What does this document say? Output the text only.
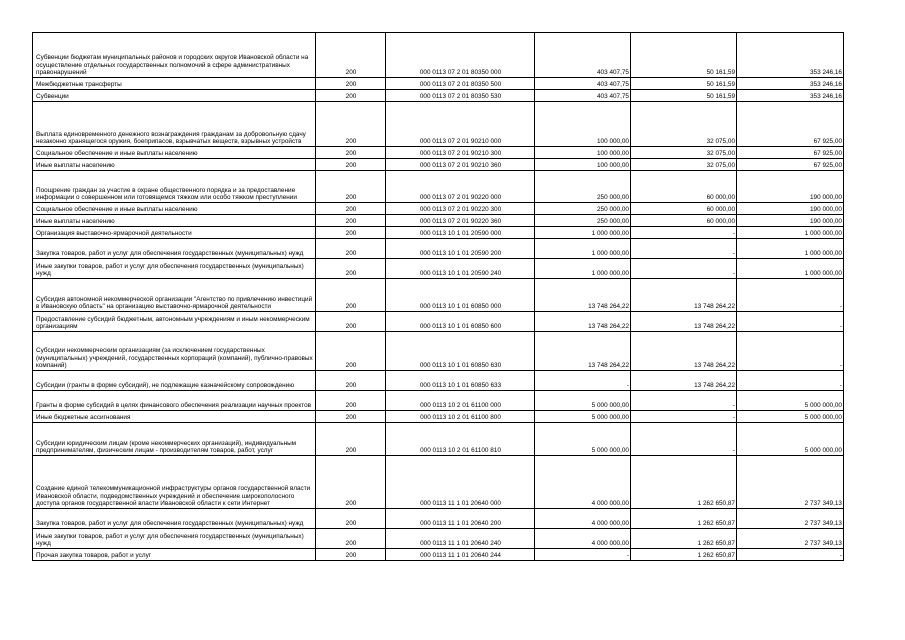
Субвенции бюджетам муниципальных районов и городских округов Ивановской области на осуществление отдельных государственных полномочий в сфере административных правонарушений	200	000 0113 07 2 01 80350 000	403 407,75	50 161,59	353 246,16
Межбюджетные трансферты	200	000 0113 07 2 01 80350 500	403 407,75	50 161,59	353 246,16
Субвенции	200	000 0113 07 2 01 80350 530	403 407,75	50 161,59	353 246,16
Выплата единовременного денежного вознаграждения гражданам за добровольную сдачу незаконно хранящегося оружия, боеприпасов, взрывчатых веществ, взрывных устройств	200	000 0113 07 2 01 90210 000	100 000,00	32 075,00	67 925,00
Социальное обеспечение и иные выплаты населению	200	000 0113 07 2 01 90210 300	100 000,00	32 075,00	67 925,00
Иные выплаты населению	200	000 0113 07 2 01 90210 360	100 000,00	32 075,00	67 925,00
Поощрение граждан за участие в охране общественного порядка и за предоставление информации о совершенном или готовящемся тяжком или особо тяжком преступлении	200	000 0113 07 2 01 90220 000	250 000,00	60 000,00	190 000,00
Социальное обеспечение и иные выплаты населению	200	000 0113 07 2 01 90220 300	250 000,00	60 000,00	190 000,00
Иные выплаты населению	200	000 0113 07 2 01 90220 360	250 000,00	60 000,00	190 000,00
Организация выставочно-ярмарочной деятельности	200	000 0113 10 1 01 20590 000	1 000 000,00	-	1 000 000,00
Закупка товаров, работ и услуг для обеспечения государственных (муниципальных) нужд	200	000 0113 10 1 01 20590 200	1 000 000,00	-	1 000 000,00
Иные закупки товаров, работ и услуг для обеспечения государственных (муниципальных) нужд	200	000 0113 10 1 01 20590 240	1 000 000,00	-	1 000 000,00
Субсидия автономной некоммерческой организации "Агентство по привлечению инвестиций в Ивановскую область" на организацию выставочно-ярмарочной деятельности	200	000 0113 10 1 01 60850 000	13 748 264,22	13 748 264,22	-
Предоставление субсидий бюджетным, автономным учреждениям и иным некоммерческим организациям	200	000 0113 10 1 01 60850 600	13 748 264,22	13 748 264,22	-
Субсидии некоммерческим организациям (за исключением государственных (муниципальных) учреждений, государственных корпораций (компаний), публично-правовых компаний)	200	000 0113 10 1 01 60850 630	13 748 264,22	13 748 264,22	-
Субсидии (гранты в форме субсидий), не подлежащие казначейскому сопровождению	200	000 0113 10 1 01 60850 633	-	13 748 264,22	-
Гранты в форме субсидий в целях финансового обеспечения реализации научных проектов	200	000 0113 10 2 01 61100 000	5 000 000,00	-	5 000 000,00
Иные бюджетные ассигнования	200	000 0113 10 2 01 61100 800	5 000 000,00	-	5 000 000,00
Субсидии юридическим лицам (кроме некоммерческих организаций), индивидуальным предпринимателям, физическим лицам - производителям товаров, работ, услуг	200	000 0113 10 2 01 61100 810	5 000 000,00	-	5 000 000,00
Создание единой телекоммуникационной инфраструктуры органов государственной власти Ивановской области, подведомственных учреждений и обеспечение широкополосного доступа органов государственной власти Ивановской области к сети Интернет	200	000 0113 11 1 01 20640 000	4 000 000,00	1 262 650,87	2 737 349,13
Закупка товаров, работ и услуг для обеспечения государственных (муниципальных) нужд	200	000 0113 11 1 01 20640 200	4 000 000,00	1 262 650,87	2 737 349,13
Иные закупки товаров, работ и услуг для обеспечения государственных (муниципальных) нужд	200	000 0113 11 1 01 20640 240	4 000 000,00	1 262 650,87	2 737 349,13
Прочая закупка товаров, работ и услуг	200	000 0113 11 1 01 20640 244	-	1 262 650,87	-
